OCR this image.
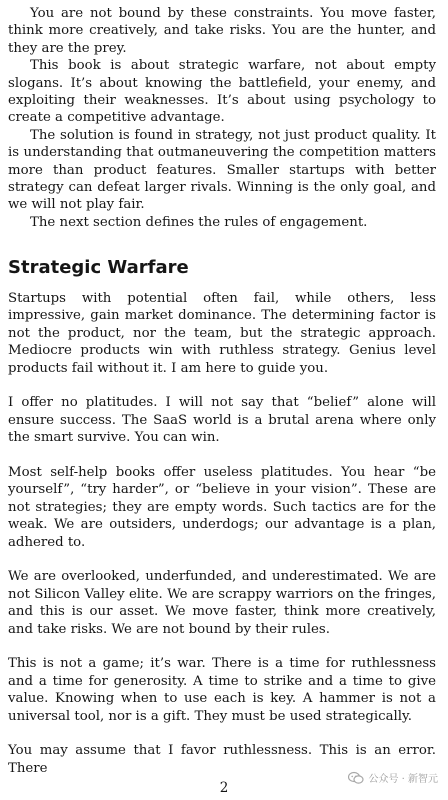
You are not bound by these constraints. You move faster, think more creatively, and take risks. You are the hunter, and they are the prey.

This book is about strategic warfare, not about empty slogans. It’s about knowing the battlefield, your enemy, and exploiting their weaknesses. It’s about using psychology to create a competitive advantage.

The solution is found in strategy, not just product quality. It is understanding that outmaneuvering the competition matters more than product features. Smaller startups with better strategy can defeat larger rivals. Winning is the only goal, and we will not play fair.

The next section defines the rules of engagement.

Strategic Warfare

Startups with potential often fail, while others, less impressive, gain market dominance. The determining factor is not the product, nor the team, but the strategic approach. Mediocre products win with ruthless strategy. Genius level products fail without it. I am here to guide you.

I offer no platitudes. I will not say that “belief” alone will ensure success. The SaaS world is a brutal arena where only the smart survive. You can win.

Most self-help books offer useless platitudes. You hear “be yourself”, “try harder”, or “believe in your vision”. These are not strategies; they are empty words. Such tactics are for the weak. We are outsiders, underdogs; our advantage is a plan, adhered to.

We are overlooked, underfunded, and underestimated. We are not Silicon Valley elite. We are scrappy warriors on the fringes, and this is our asset. We move faster, think more creatively, and take risks. We are not bound by their rules.

This is not a game; it’s war. There is a time for ruthlessness and a time for generosity. A time to strike and a time to give value. Knowing when to use each is key. A hammer is not a universal tool, nor is a gift. They must be used strategically.

You may assume that I favor ruthlessness. This is an error. There

2
公众号 · 新智元
